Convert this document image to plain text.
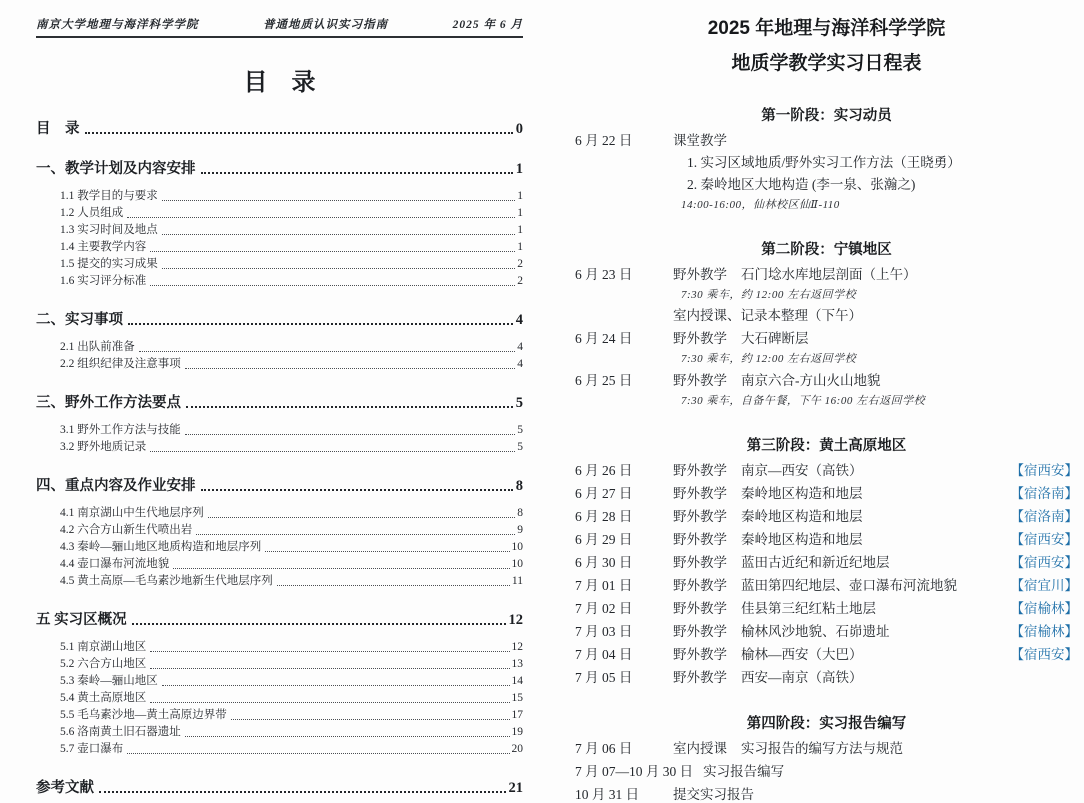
南京大学地理与海洋科学学院	普通地质认识实习指南	2025 年 6 月
目　录
目　录	0
一、教学计划及内容安排	1
1.1 教学目的与要求	1
1.2 人员组成	1
1.3 实习时间及地点	1
1.4 主要教学内容	1
1.5 提交的实习成果	2
1.6 实习评分标准	2
二、实习事项	4
2.1 出队前准备	4
2.2 组织纪律及注意事项	4
三、野外工作方法要点	5
3.1 野外工作方法与技能	5
3.2 野外地质记录	5
四、重点内容及作业安排	8
4.1 南京湖山中生代地层序列	8
4.2 六合方山新生代喷出岩	9
4.3 秦岭—骊山地区地质构造和地层序列	10
4.4 壶口瀑布河流地貌	10
4.5 黄土高原—毛乌素沙地新生代地层序列	11
五 实习区概况	12
5.1 南京湖山地区	12
5.2 六合方山地区	13
5.3 秦岭—骊山地区	14
5.4 黄土高原地区	15
5.5 毛乌素沙地—黄土高原边界带	17
5.6 洛南黄土旧石器遗址	19
5.7 壶口瀑布	20
参考文献	21
2025 年地理与海洋科学学院
地质学教学实习日程表
第一阶段：实习动员
6 月 22 日	课堂教学
1. 实习区域地质/野外实习工作方法（王晓勇）
2. 秦岭地区大地构造 (李一泉、张瀚之)
14:00-16:00，仙林校区仙Ⅱ-110
第二阶段：宁镇地区
6 月 23 日	野外教学 石门埝水库地层剖面（上午）
7:30 乘车，约 12:00 左右返回学校
室内授课、记录本整理（下午）
6 月 24 日	野外教学 大石碑断层
7:30 乘车，约 12:00 左右返回学校
6 月 25 日	野外教学 南京六合-方山火山地貌
7:30 乘车，自备午餐，下午 16:00 左右返回学校
第三阶段：黄土高原地区
6 月 26 日	野外教学 南京—西安（高铁）	【宿西安】
6 月 27 日	野外教学 秦岭地区构造和地层	【宿洛南】
6 月 28 日	野外教学 秦岭地区构造和地层	【宿洛南】
6 月 29 日	野外教学 秦岭地区构造和地层	【宿西安】
6 月 30 日	野外教学 蓝田古近纪和新近纪地层	【宿西安】
7 月 01 日	野外教学 蓝田第四纪地层、壶口瀑布河流地貌	【宿宜川】
7 月 02 日	野外教学 佳县第三纪红粘土地层	【宿榆林】
7 月 03 日	野外教学 榆林风沙地貌、石峁遗址	【宿榆林】
7 月 04 日	野外教学 榆林—西安（大巴）	【宿西安】
7 月 05 日	野外教学 西安—南京（高铁）
第四阶段：实习报告编写
7 月 06 日	室内授课 实习报告的编写方法与规范
7 月 07—10 月 30 日 实习报告编写
10 月 31 日	提交实习报告
